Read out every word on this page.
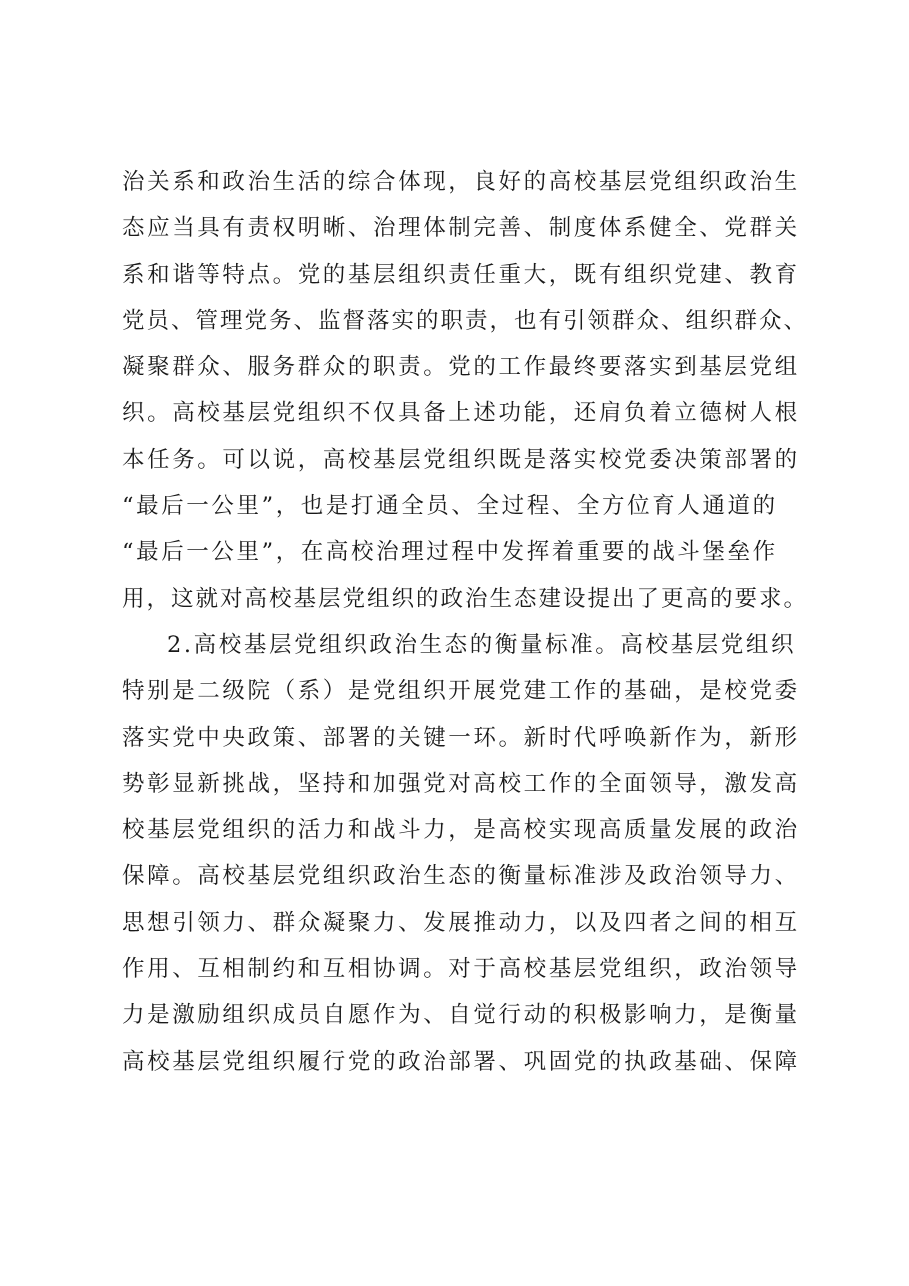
治关系和政治生活的综合体现，良好的高校基层党组织政治生
态应当具有责权明晰、治理体制完善、制度体系健全、党群关
系和谐等特点。党的基层组织责任重大，既有组织党建、教育
党员、管理党务、监督落实的职责，也有引领群众、组织群众、
凝聚群众、服务群众的职责。党的工作最终要落实到基层党组
织。高校基层党组织不仅具备上述功能，还肩负着立德树人根
本任务。可以说，高校基层党组织既是落实校党委决策部署的
“最后一公里”，也是打通全员、全过程、全方位育人通道的
“最后一公里”，在高校治理过程中发挥着重要的战斗堡垒作
用，这就对高校基层党组织的政治生态建设提出了更高的要求。
2.高校基层党组织政治生态的衡量标准。高校基层党组织
特别是二级院（系）是党组织开展党建工作的基础，是校党委
落实党中央政策、部署的关键一环。新时代呼唤新作为，新形
势彰显新挑战，坚持和加强党对高校工作的全面领导，激发高
校基层党组织的活力和战斗力，是高校实现高质量发展的政治
保障。高校基层党组织政治生态的衡量标准涉及政治领导力、
思想引领力、群众凝聚力、发展推动力，以及四者之间的相互
作用、互相制约和互相协调。对于高校基层党组织，政治领导
力是激励组织成员自愿作为、自觉行动的积极影响力，是衡量
高校基层党组织履行党的政治部署、巩固党的执政基础、保障
